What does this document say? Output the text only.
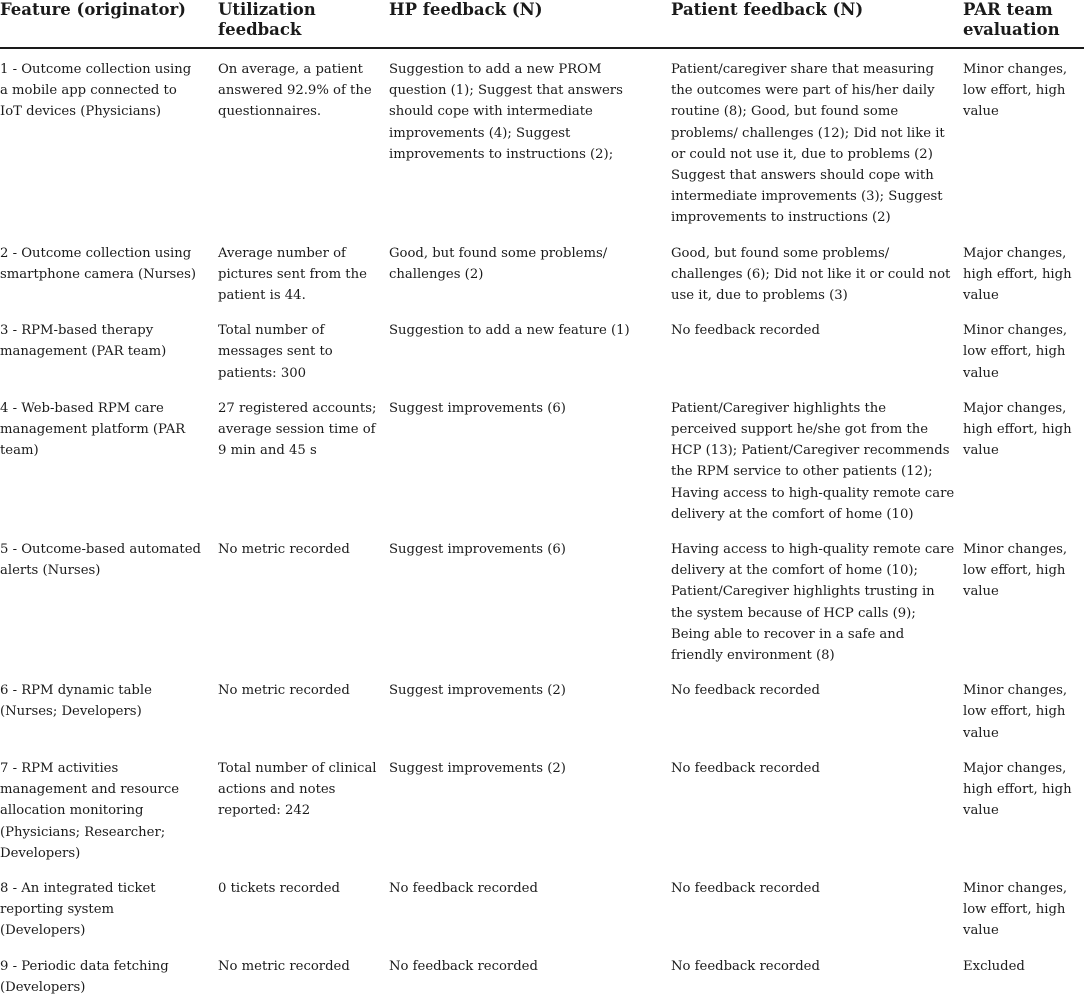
Feature (originator)	Utilization feedback	HP feedback (N)	Patient feedback (N)	PAR team evaluation
1 - Outcome collection using a mobile app connected to IoT devices (Physicians)	On average, a patient answered 92.9% of the questionnaires.	Suggestion to add a new PROM question (1); Suggest that answers should cope with intermediate improvements (4); Suggest improvements to instructions (2);	Patient/caregiver share that measuring the outcomes were part of his/her daily routine (8); Good, but found some problems/ challenges (12); Did not like it or could not use it, due to problems (2) Suggest that answers should cope with intermediate improvements (3); Suggest improvements to instructions (2)	Minor changes, low effort, high value
2 - Outcome collection using smartphone camera (Nurses)	Average number of pictures sent from the patient is 44.	Good, but found some problems/ challenges (2)	Good, but found some problems/ challenges (6); Did not like it or could not use it, due to problems (3)	Major changes, high effort, high value
3 - RPM-based therapy management (PAR team)	Total number of messages sent to patients: 300	Suggestion to add a new feature (1)	No feedback recorded	Minor changes, low effort, high value
4 - Web-based RPM care management platform (PAR team)	27 registered accounts; average session time of 9 min and 45 s	Suggest improvements (6)	Patient/Caregiver highlights the perceived support he/she got from the HCP (13); Patient/Caregiver recommends the RPM service to other patients (12); Having access to high-quality remote care delivery at the comfort of home (10)	Major changes, high effort, high value
5 - Outcome-based automated alerts (Nurses)	No metric recorded	Suggest improvements (6)	Having access to high-quality remote care delivery at the comfort of home (10); Patient/Caregiver highlights trusting in the system because of HCP calls (9); Being able to recover in a safe and friendly environment (8)	Minor changes, low effort, high value
6 - RPM dynamic table (Nurses; Developers)	No metric recorded	Suggest improvements (2)	No feedback recorded	Minor changes, low effort, high value
7 - RPM activities management and resource allocation monitoring (Physicians; Researcher; Developers)	Total number of clinical actions and notes reported: 242	Suggest improvements (2)	No feedback recorded	Major changes, high effort, high value
8 - An integrated ticket reporting system (Developers)	0 tickets recorded	No feedback recorded	No feedback recorded	Minor changes, low effort, high value
9 - Periodic data fetching (Developers)	No metric recorded	No feedback recorded	No feedback recorded	Excluded
